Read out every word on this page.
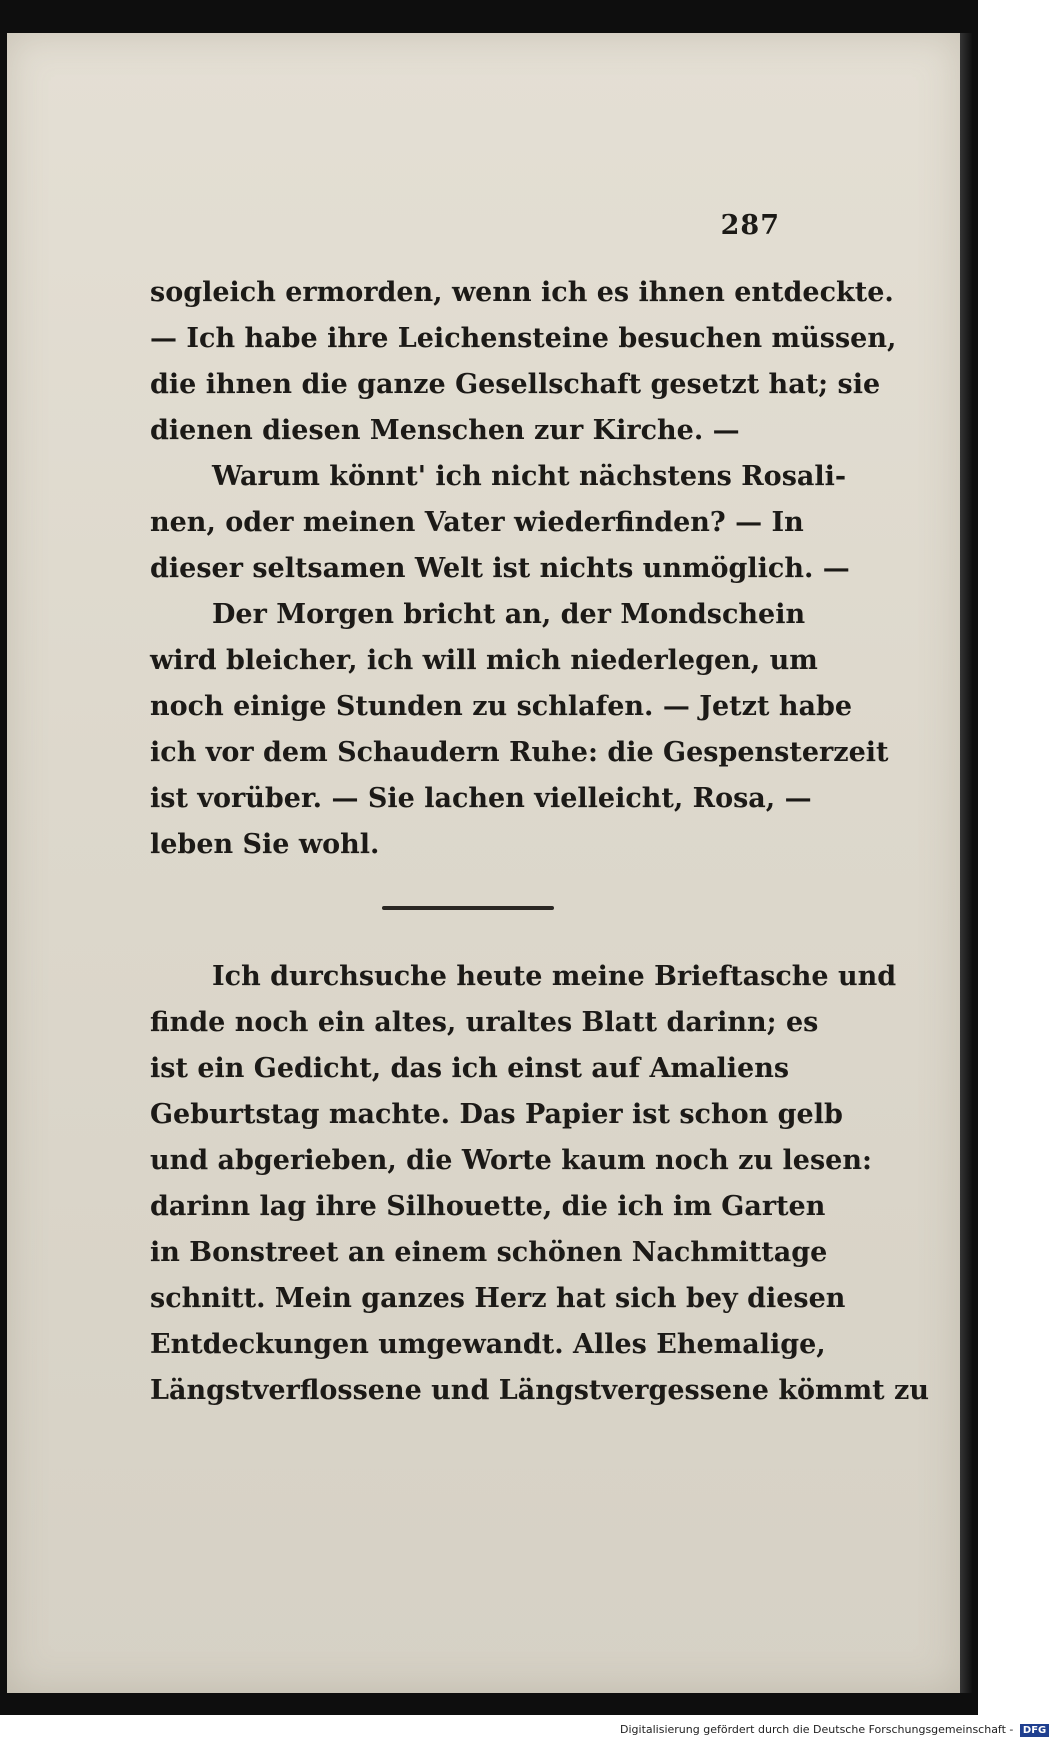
287
sogleich ermorden, wenn ich es ihnen entdeckte.
— Ich habe ihre Leichensteine besuchen müssen,
die ihnen die ganze Gesellschaft gesetzt hat; sie
dienen diesen Menschen zur Kirche. —
Warum könnt' ich nicht nächstens Rosali-
nen, oder meinen Vater wiederfinden? — In
dieser seltsamen Welt ist nichts unmöglich. —
Der Morgen bricht an, der Mondschein
wird bleicher, ich will mich niederlegen, um
noch einige Stunden zu schlafen. — Jetzt habe
ich vor dem Schaudern Ruhe: die Gespensterzeit
ist vorüber. — Sie lachen vielleicht, Rosa, —
leben Sie wohl.
Ich durchsuche heute meine Brieftasche und
finde noch ein altes, uraltes Blatt darinn; es
ist ein Gedicht, das ich einst auf Amaliens
Geburtstag machte. Das Papier ist schon gelb
und abgerieben, die Worte kaum noch zu lesen:
darinn lag ihre Silhouette, die ich im Garten
in Bonstreet an einem schönen Nachmittage
schnitt. Mein ganzes Herz hat sich bey diesen
Entdeckungen umgewandt. Alles Ehemalige,
Längstverflossene und Längstvergessene kömmt zu
Digitalisierung gefördert durch die Deutsche Forschungsgemeinschaft - DFG
